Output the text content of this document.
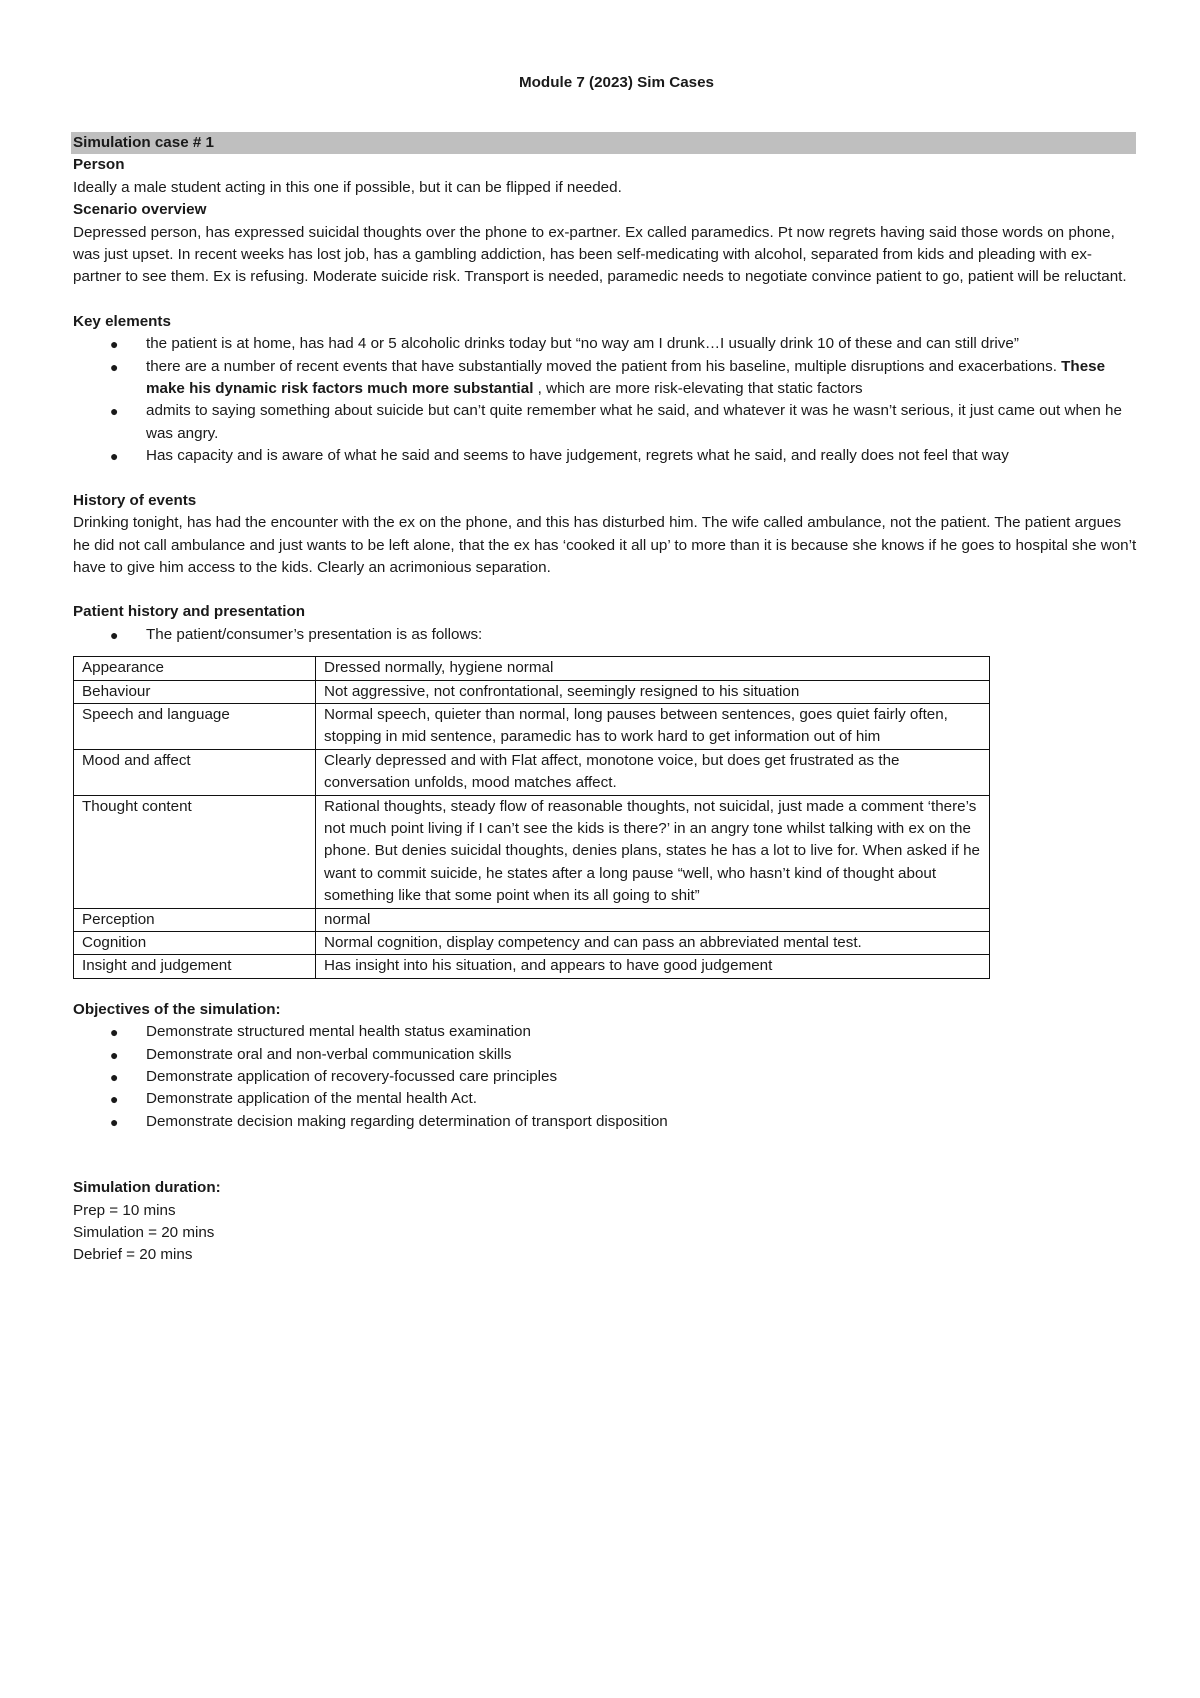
Module 7 (2023) Sim Cases
Simulation case # 1

Person

Ideally a male student acting in this one if possible, but it can be flipped if needed.

Scenario overview

Depressed person, has expressed suicidal thoughts over the phone to ex-partner. Ex called paramedics. Pt now regrets having said those words on phone, was just upset. In recent weeks has lost job, has a gambling addiction, has been self-medicating with alcohol, separated from kids and pleading with ex-partner to see them. Ex is refusing. Moderate suicide risk. Transport is needed, paramedic needs to negotiate convince patient to go, patient will be reluctant.

Key elements

● the patient is at home, has had 4 or 5 alcoholic drinks today but “no way am I drunk…I usually drink 10 of these and can still drive”
● there are a number of recent events that have substantially moved the patient from his baseline, multiple disruptions and exacerbations. These make his dynamic risk factors much more substantial , which are more risk-elevating that static factors
● admits to saying something about suicide but can’t quite remember what he said, and whatever it was he wasn’t serious, it just came out when he was angry.
● Has capacity and is aware of what he said and seems to have judgement, regrets what he said, and really does not feel that way

History of events

Drinking tonight, has had the encounter with the ex on the phone, and this has disturbed him. The wife called ambulance, not the patient. The patient argues he did not call ambulance and just wants to be left alone, that the ex has ‘cooked it all up’ to more than it is because she knows if he goes to hospital she won’t have to give him access to the kids. Clearly an acrimonious separation.

Patient history and presentation

● The patient/consumer’s presentation is as follows:
Appearance	Dressed normally, hygiene normal
Behaviour	Not aggressive, not confrontational, seemingly resigned to his situation
Speech and language	Normal speech, quieter than normal, long pauses between sentences, goes quiet fairly often, stopping in mid sentence, paramedic has to work hard to get information out of him
Mood and affect	Clearly depressed and with Flat affect, monotone voice, but does get frustrated as the conversation unfolds, mood matches affect.
Thought content	Rational thoughts, steady flow of reasonable thoughts, not suicidal, just made a comment ‘there’s not much point living if I can’t see the kids is there?’ in an angry tone whilst talking with ex on the phone. But denies suicidal thoughts, denies plans, states he has a lot to live for. When asked if he want to commit suicide, he states after a long pause “well, who hasn’t kind of thought about something like that some point when its all going to shit”
Perception	normal
Cognition	Normal cognition, display competency and can pass an abbreviated mental test.
Insight and judgement	Has insight into his situation, and appears to have good judgement

Objectives of the simulation:

● Demonstrate structured mental health status examination
● Demonstrate oral and non-verbal communication skills
● Demonstrate application of recovery-focussed care principles
● Demonstrate application of the mental health Act.
● Demonstrate decision making regarding determination of transport disposition

Simulation duration:

Prep = 10 mins

Simulation = 20 mins

Debrief = 20 mins
